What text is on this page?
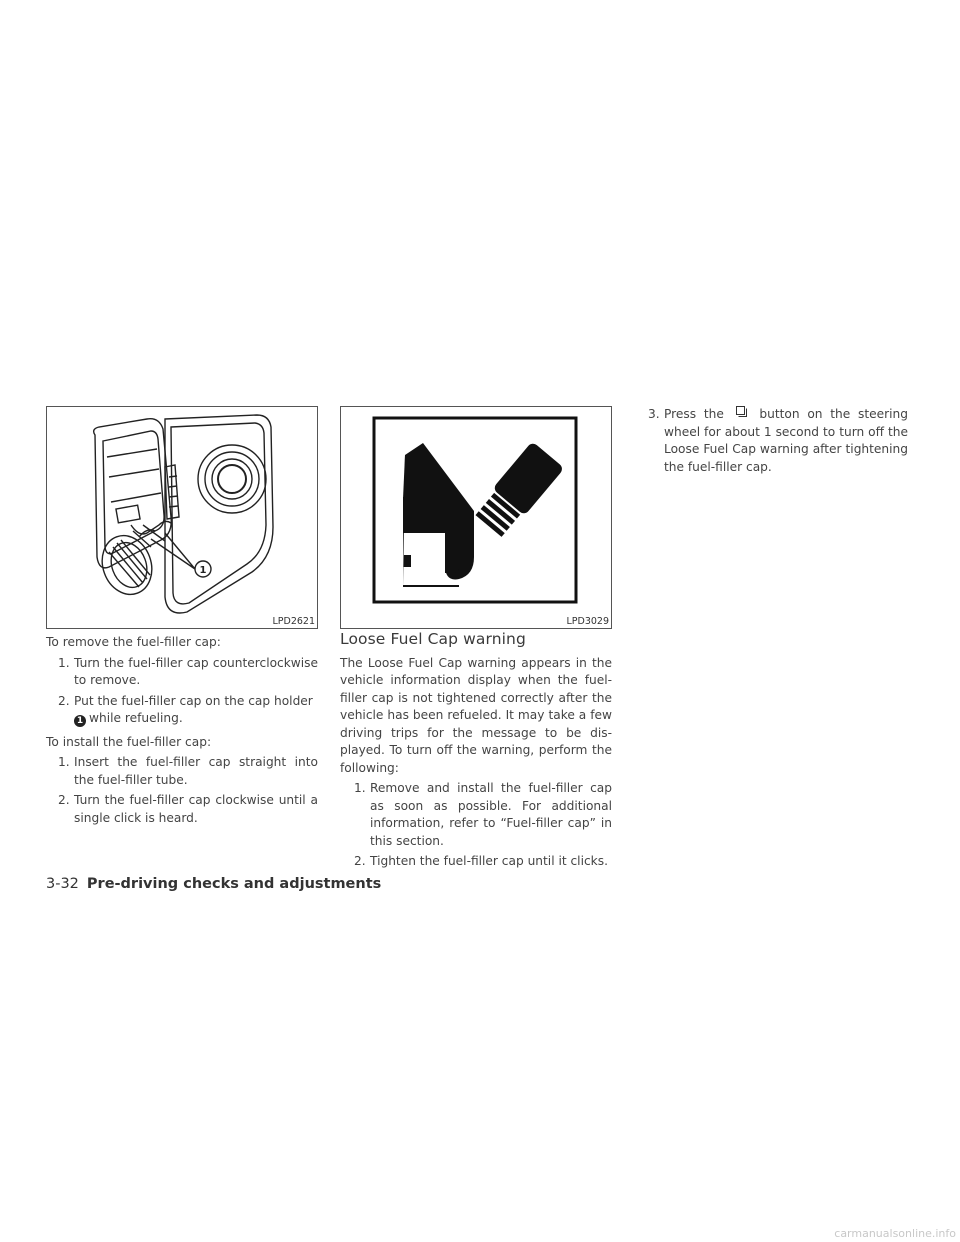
1
LPD2621

To remove the fuel-filler cap:

1. Turn the fuel-filler cap counterclockwise to remove.
2. Put the fuel-filler cap on the cap holder
1 while refueling.

To install the fuel-filler cap:

1. Insert the fuel-filler cap straight into the fuel-filler tube.
2. Turn the fuel-filler cap clockwise until a single click is heard.
LPD3029
Loose Fuel Cap warning

The Loose Fuel Cap warning appears in the vehicle information display when the fuel-filler cap is not tightened correctly after the vehicle has been refueled. It may take a few driving trips for the message to be displayed. To turn off the warning, perform the following:

1. Remove and install the fuel-filler cap as soon as possible. For additional information, refer to “Fuel-filler cap” in this section.
2. Tighten the fuel-filler cap until it clicks.
3. Press the	button on the steering wheel for about 1 second to turn off the Loose Fuel Cap warning after tightening the fuel-filler cap.
3-32 Pre-driving checks and adjustments
carmanualsonline.info
